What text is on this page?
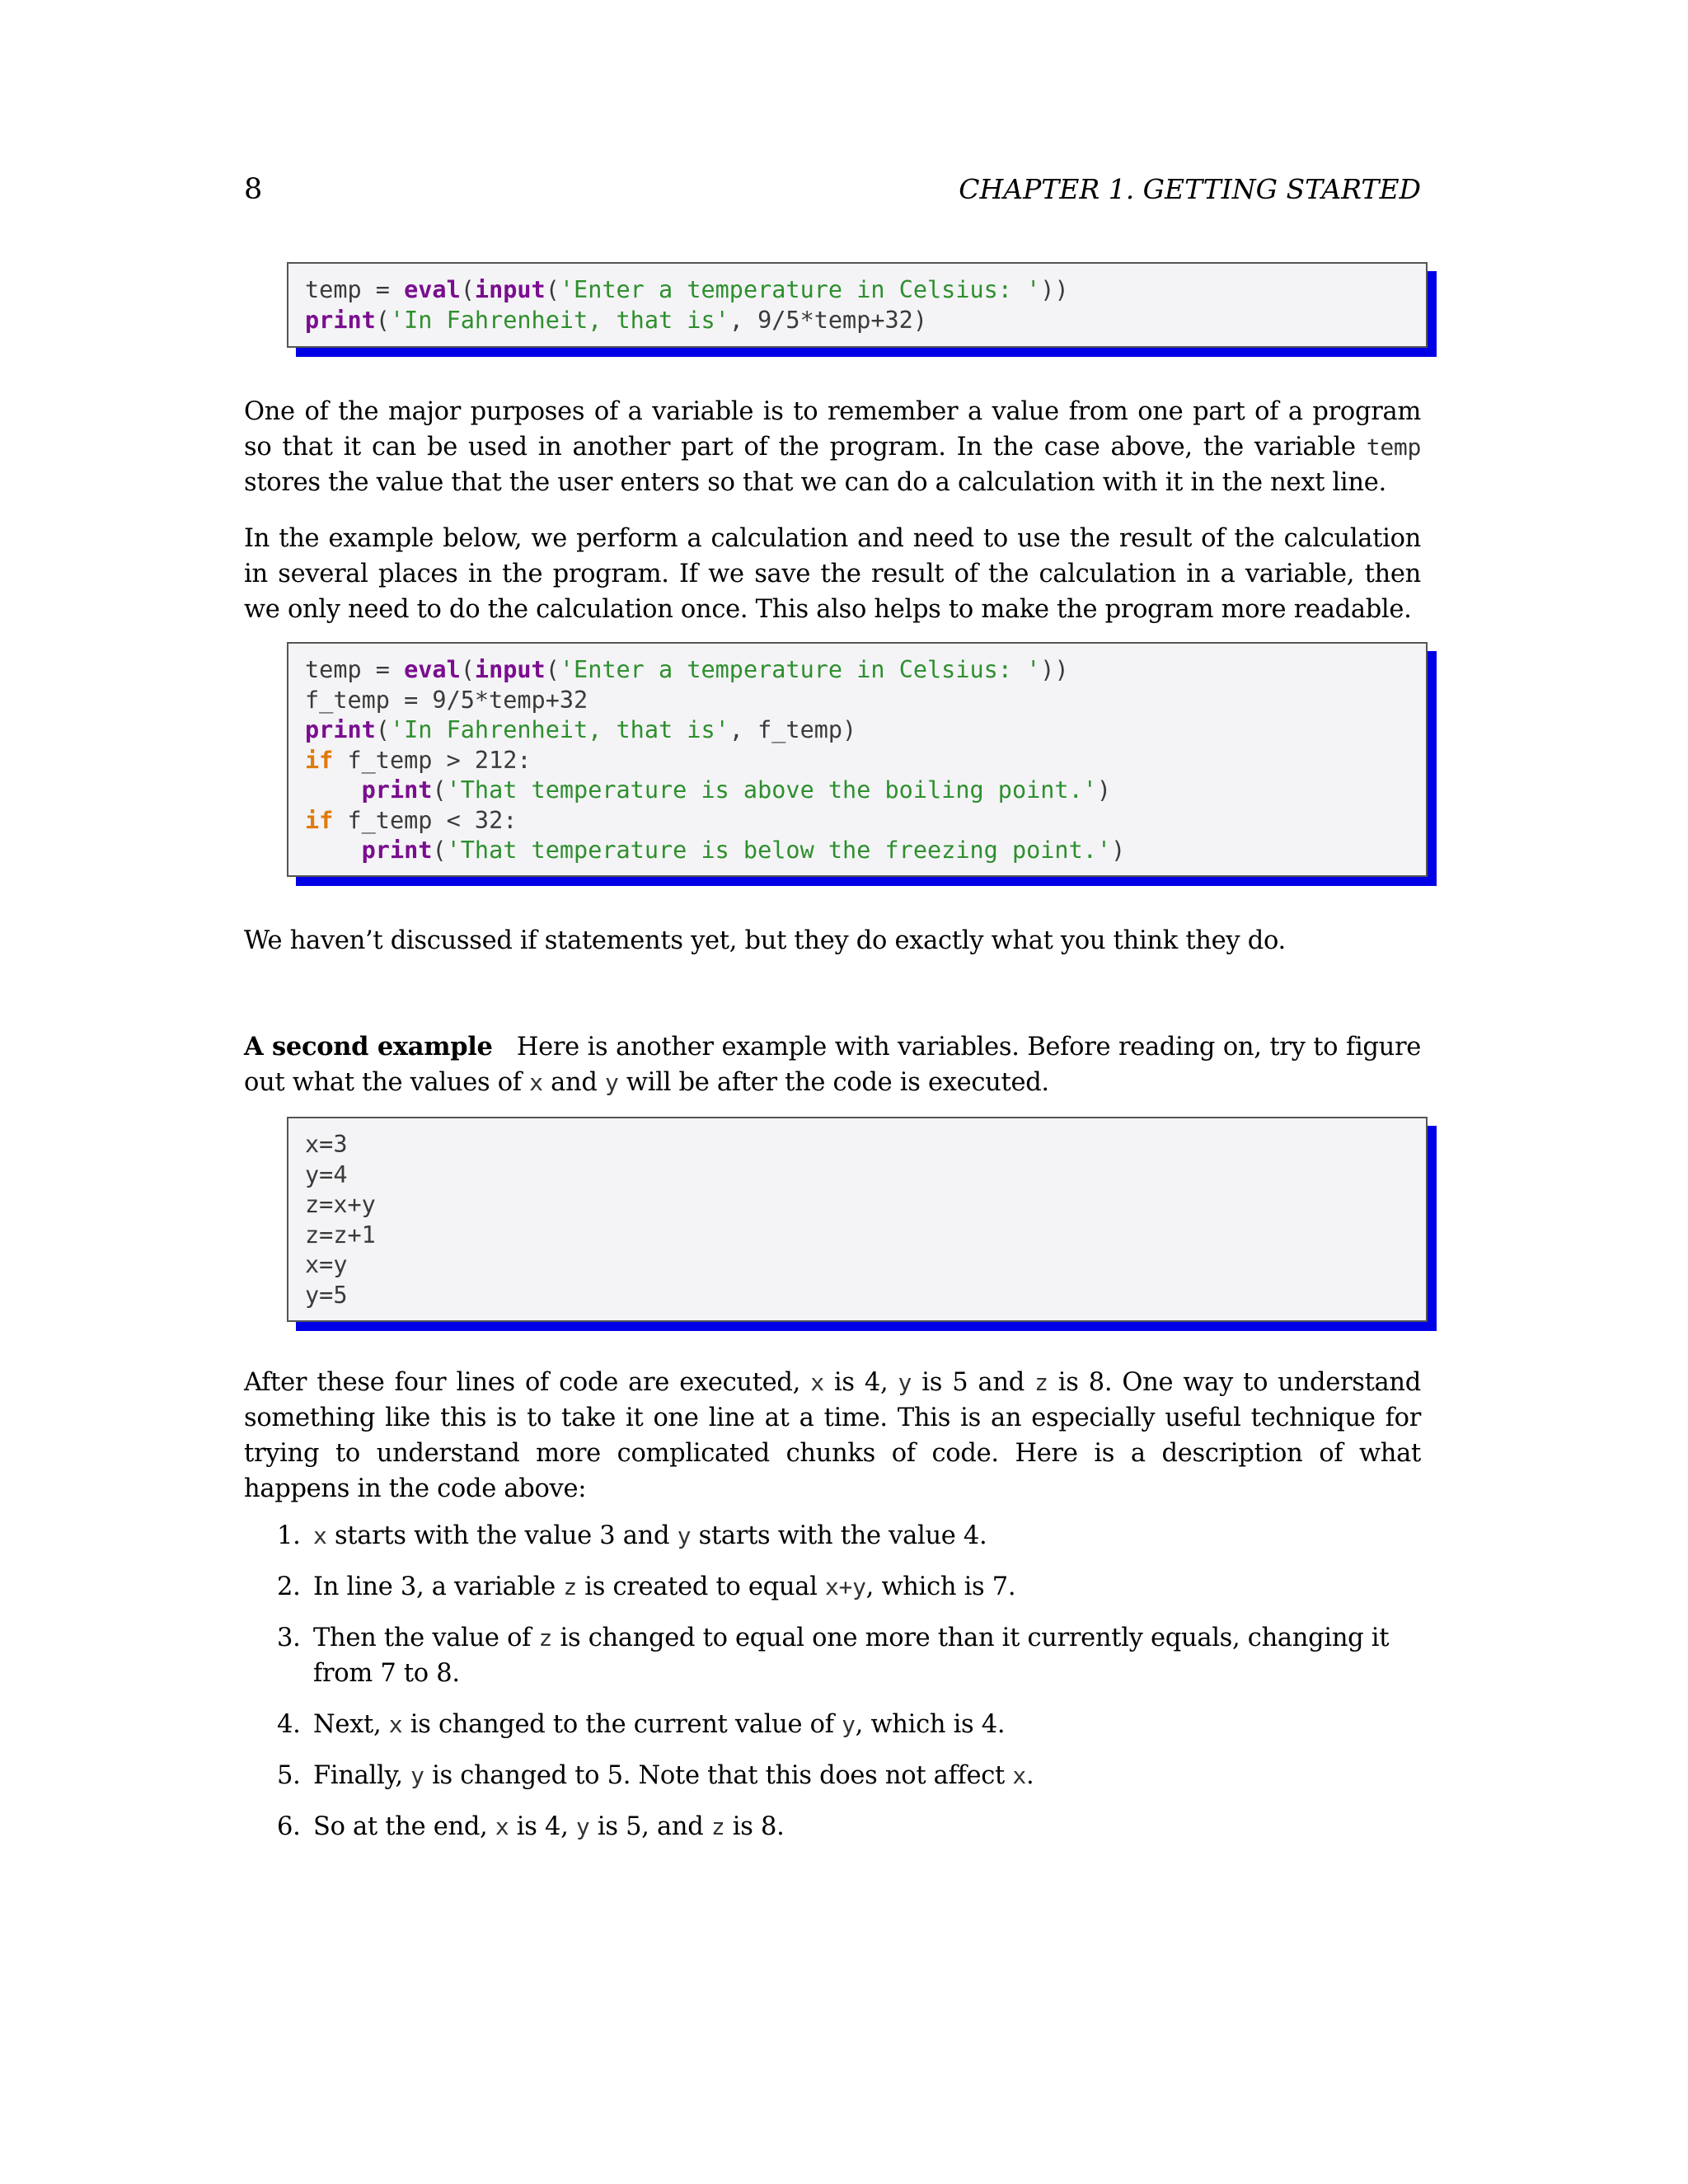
8	CHAPTER 1. GETTING STARTED
temp = eval(input('Enter a temperature in Celsius: '))
print('In Fahrenheit, that is', 9/5*temp+32)

One of the major purposes of a variable is to remember a value from one part of a program so that it can be used in another part of the program. In the case above, the variable temp stores the value that the user enters so that we can do a calculation with it in the next line.

In the example below, we perform a calculation and need to use the result of the calculation in several places in the program. If we save the result of the calculation in a variable, then we only need to do the calculation once. This also helps to make the program more readable.

temp = eval(input('Enter a temperature in Celsius: '))
f_temp = 9/5*temp+32
print('In Fahrenheit, that is', f_temp)
if f_temp > 212:
print('That temperature is above the boiling point.')
if f_temp < 32:
print('That temperature is below the freezing point.')

We haven’t discussed if statements yet, but they do exactly what you think they do.

A second example Here is another example with variables. Before reading on, try to figure out what the values of x and y will be after the code is executed.

x=3
y=4
z=x+y
z=z+1
x=y
y=5

After these four lines of code are executed, x is 4, y is 5 and z is 8. One way to understand something like this is to take it one line at a time. This is an especially useful technique for trying to understand more complicated chunks of code. Here is a description of what happens in the code above:

1. x starts with the value 3 and y starts with the value 4.
2. In line 3, a variable z is created to equal x+y, which is 7.
3. Then the value of z is changed to equal one more than it currently equals, changing it from 7 to 8.
4. Next, x is changed to the current value of y, which is 4.
5. Finally, y is changed to 5. Note that this does not affect x.
6. So at the end, x is 4, y is 5, and z is 8.
